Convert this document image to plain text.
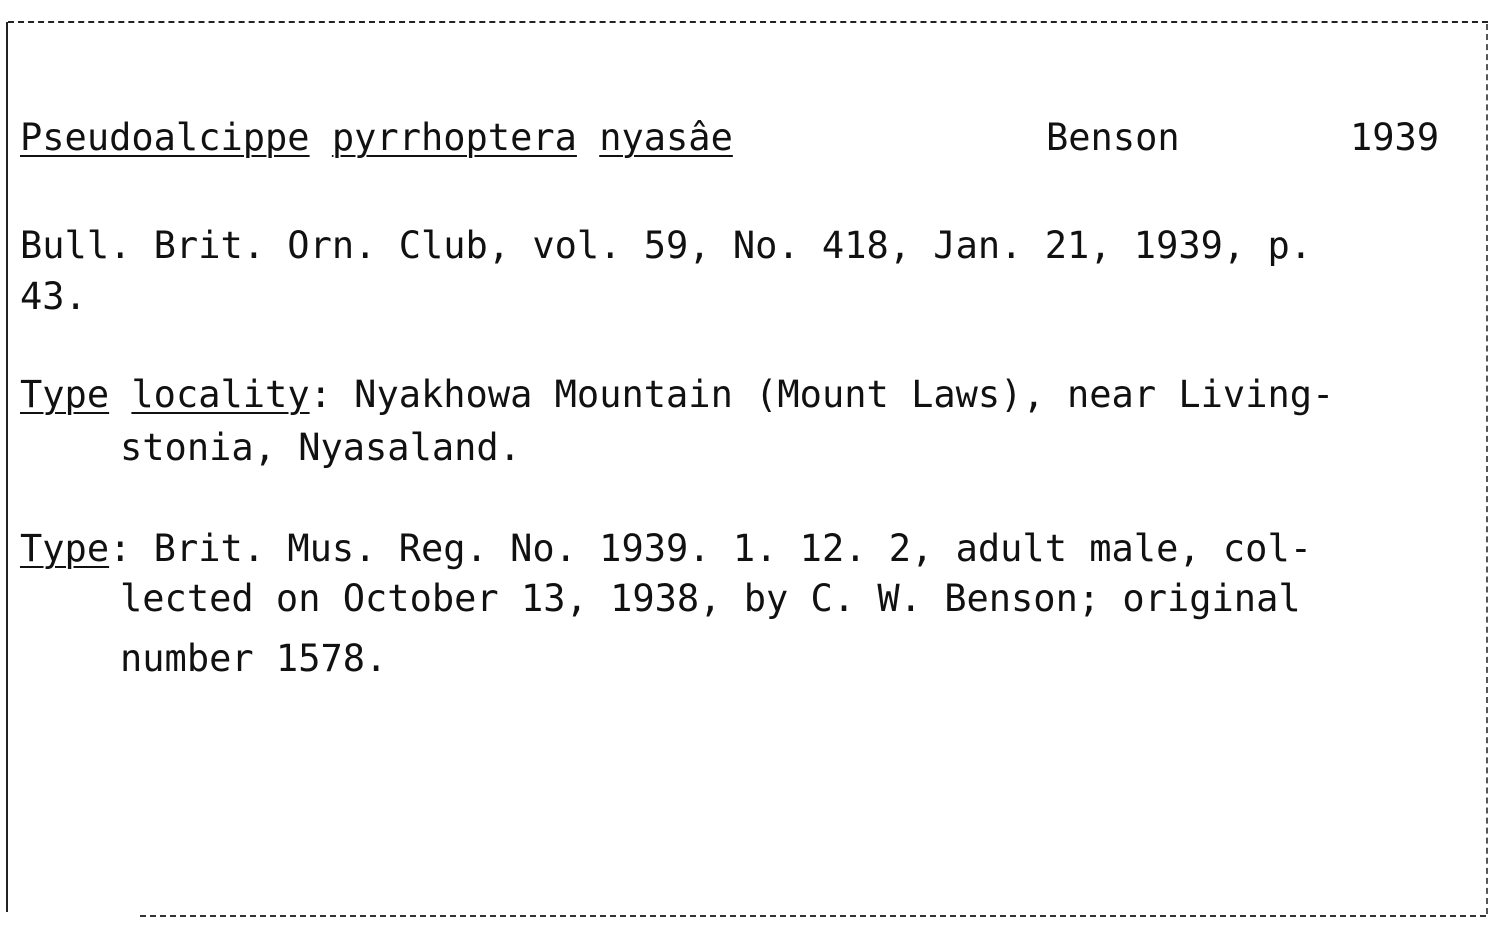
Pseudoalcippe pyrrhoptera nyasâe	Benson	1939
Bull. Brit. Orn. Club, vol. 59, No. 418, Jan. 21, 1939, p.
43.
Type locality: Nyakhowa Mountain (Mount Laws), near Living-
stonia, Nyasaland.
Type: Brit. Mus. Reg. No. 1939. 1. 12. 2, adult male, col-
lected on October 13, 1938, by C. W. Benson; original
number 1578.
